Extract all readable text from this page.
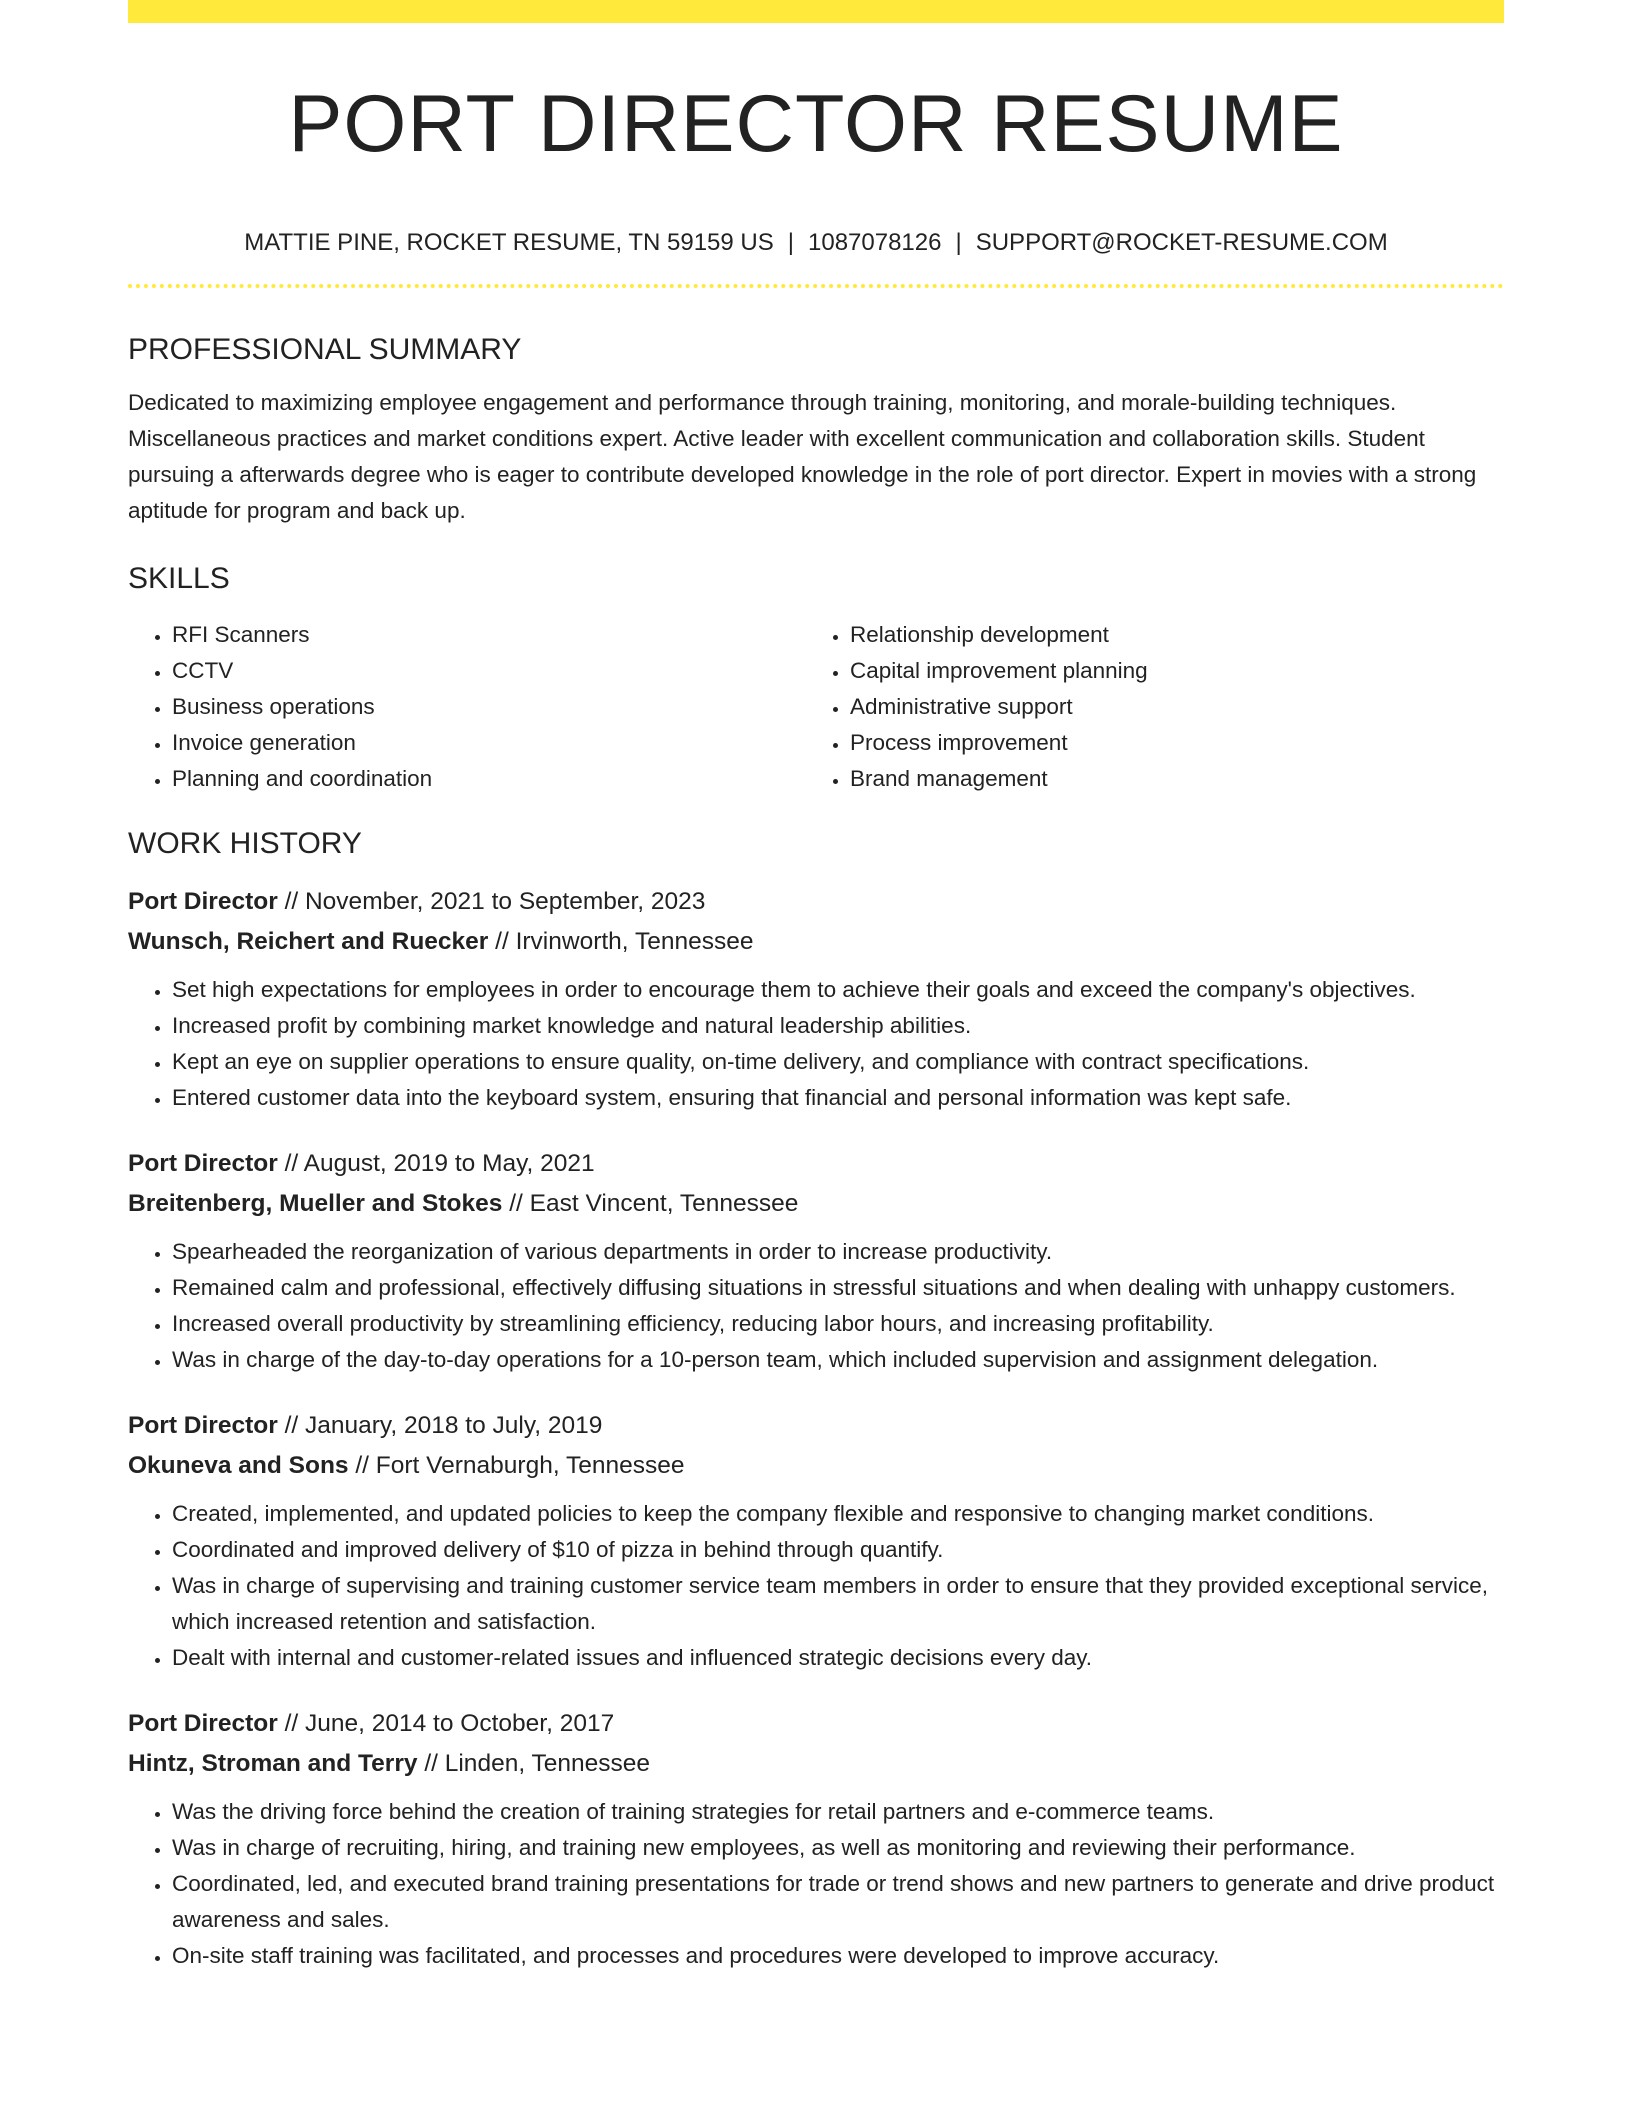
PORT DIRECTOR RESUME
MATTIE PINE, ROCKET RESUME, TN 59159 US | 1087078126 | SUPPORT@ROCKET-RESUME.COM
PROFESSIONAL SUMMARY

Dedicated to maximizing employee engagement and performance through training, monitoring, and morale-building techniques. Miscellaneous practices and market conditions expert. Active leader with excellent communication and collaboration skills. Student pursuing a afterwards degree who is eager to contribute developed knowledge in the role of port director. Expert in movies with a strong aptitude for program and back up.

SKILLS
• RFI Scanners
• CCTV
• Business operations
• Invoice generation
• Planning and coordination
• Relationship development
• Capital improvement planning
• Administrative support
• Process improvement
• Brand management
WORK HISTORY
Port Director // November, 2021 to September, 2023
Wunsch, Reichert and Ruecker // Irvinworth, Tennessee
• Set high expectations for employees in order to encourage them to achieve their goals and exceed the company's objectives.
• Increased profit by combining market knowledge and natural leadership abilities.
• Kept an eye on supplier operations to ensure quality, on-time delivery, and compliance with contract specifications.
• Entered customer data into the keyboard system, ensuring that financial and personal information was kept safe.
Port Director // August, 2019 to May, 2021
Breitenberg, Mueller and Stokes // East Vincent, Tennessee
• Spearheaded the reorganization of various departments in order to increase productivity.
• Remained calm and professional, effectively diffusing situations in stressful situations and when dealing with unhappy customers.
• Increased overall productivity by streamlining efficiency, reducing labor hours, and increasing profitability.
• Was in charge of the day-to-day operations for a 10-person team, which included supervision and assignment delegation.
Port Director // January, 2018 to July, 2019
Okuneva and Sons // Fort Vernaburgh, Tennessee
• Created, implemented, and updated policies to keep the company flexible and responsive to changing market conditions.
• Coordinated and improved delivery of $10 of pizza in behind through quantify.
• Was in charge of supervising and training customer service team members in order to ensure that they provided exceptional service, which increased retention and satisfaction.
• Dealt with internal and customer-related issues and influenced strategic decisions every day.
Port Director // June, 2014 to October, 2017
Hintz, Stroman and Terry // Linden, Tennessee
• Was the driving force behind the creation of training strategies for retail partners and e-commerce teams.
• Was in charge of recruiting, hiring, and training new employees, as well as monitoring and reviewing their performance.
• Coordinated, led, and executed brand training presentations for trade or trend shows and new partners to generate and drive product awareness and sales.
• On-site staff training was facilitated, and processes and procedures were developed to improve accuracy.
